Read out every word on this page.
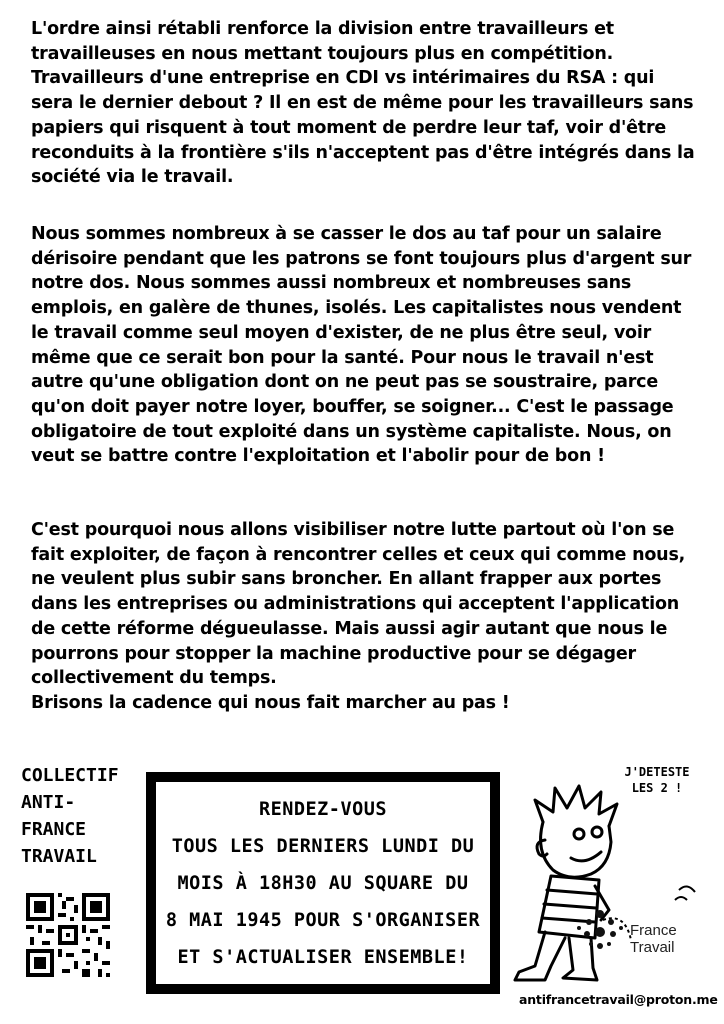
L'ordre ainsi rétabli renforce la division entre travailleurs et travailleuses en nous mettant toujours plus en compétition. Travailleurs d'une entreprise en CDI vs intérimaires du RSA : qui sera le dernier debout ? Il en est de même pour les travailleurs sans papiers qui risquent à tout moment de perdre leur taf, voir d'être reconduits à la frontière s'ils n'acceptent pas d'être intégrés dans la société via le travail.

Nous sommes nombreux à se casser le dos au taf pour un salaire dérisoire pendant que les patrons se font toujours plus d'argent sur notre dos. Nous sommes aussi nombreux et nombreuses sans emplois, en galère de thunes, isolés. Les capitalistes nous vendent le travail comme seul moyen d'exister, de ne plus être seul, voir même que ce serait bon pour la santé. Pour nous le travail n'est autre qu'une obligation dont on ne peut pas se soustraire, parce qu'on doit payer notre loyer, bouffer, se soigner... C'est le passage obligatoire de tout exploité dans un système capitaliste. Nous, on veut se battre contre l'exploitation et l'abolir pour de bon !

C'est pourquoi nous allons visibiliser notre lutte partout où l'on se fait exploiter, de façon à rencontrer celles et ceux qui comme nous, ne veulent plus subir sans broncher. En allant frapper aux portes dans les entreprises ou administrations qui acceptent l'application de cette réforme dégueulasse. Mais aussi agir autant que nous le pourrons pour stopper la machine productive pour se dégager collectivement du temps.
Brisons la cadence qui nous fait marcher au pas !

COLLECTIF
ANTI-
FRANCE
TRAVAIL
RENDEZ-VOUS
TOUS LES DERNIERS LUNDI DU
MOIS À 18H30 AU SQUARE DU
8 MAI 1945 POUR S'ORGANISER
ET S'ACTUALISER ENSEMBLE!
J'DETESTE
LES 2 !
France
Travail
antifrancetravail@proton.me
